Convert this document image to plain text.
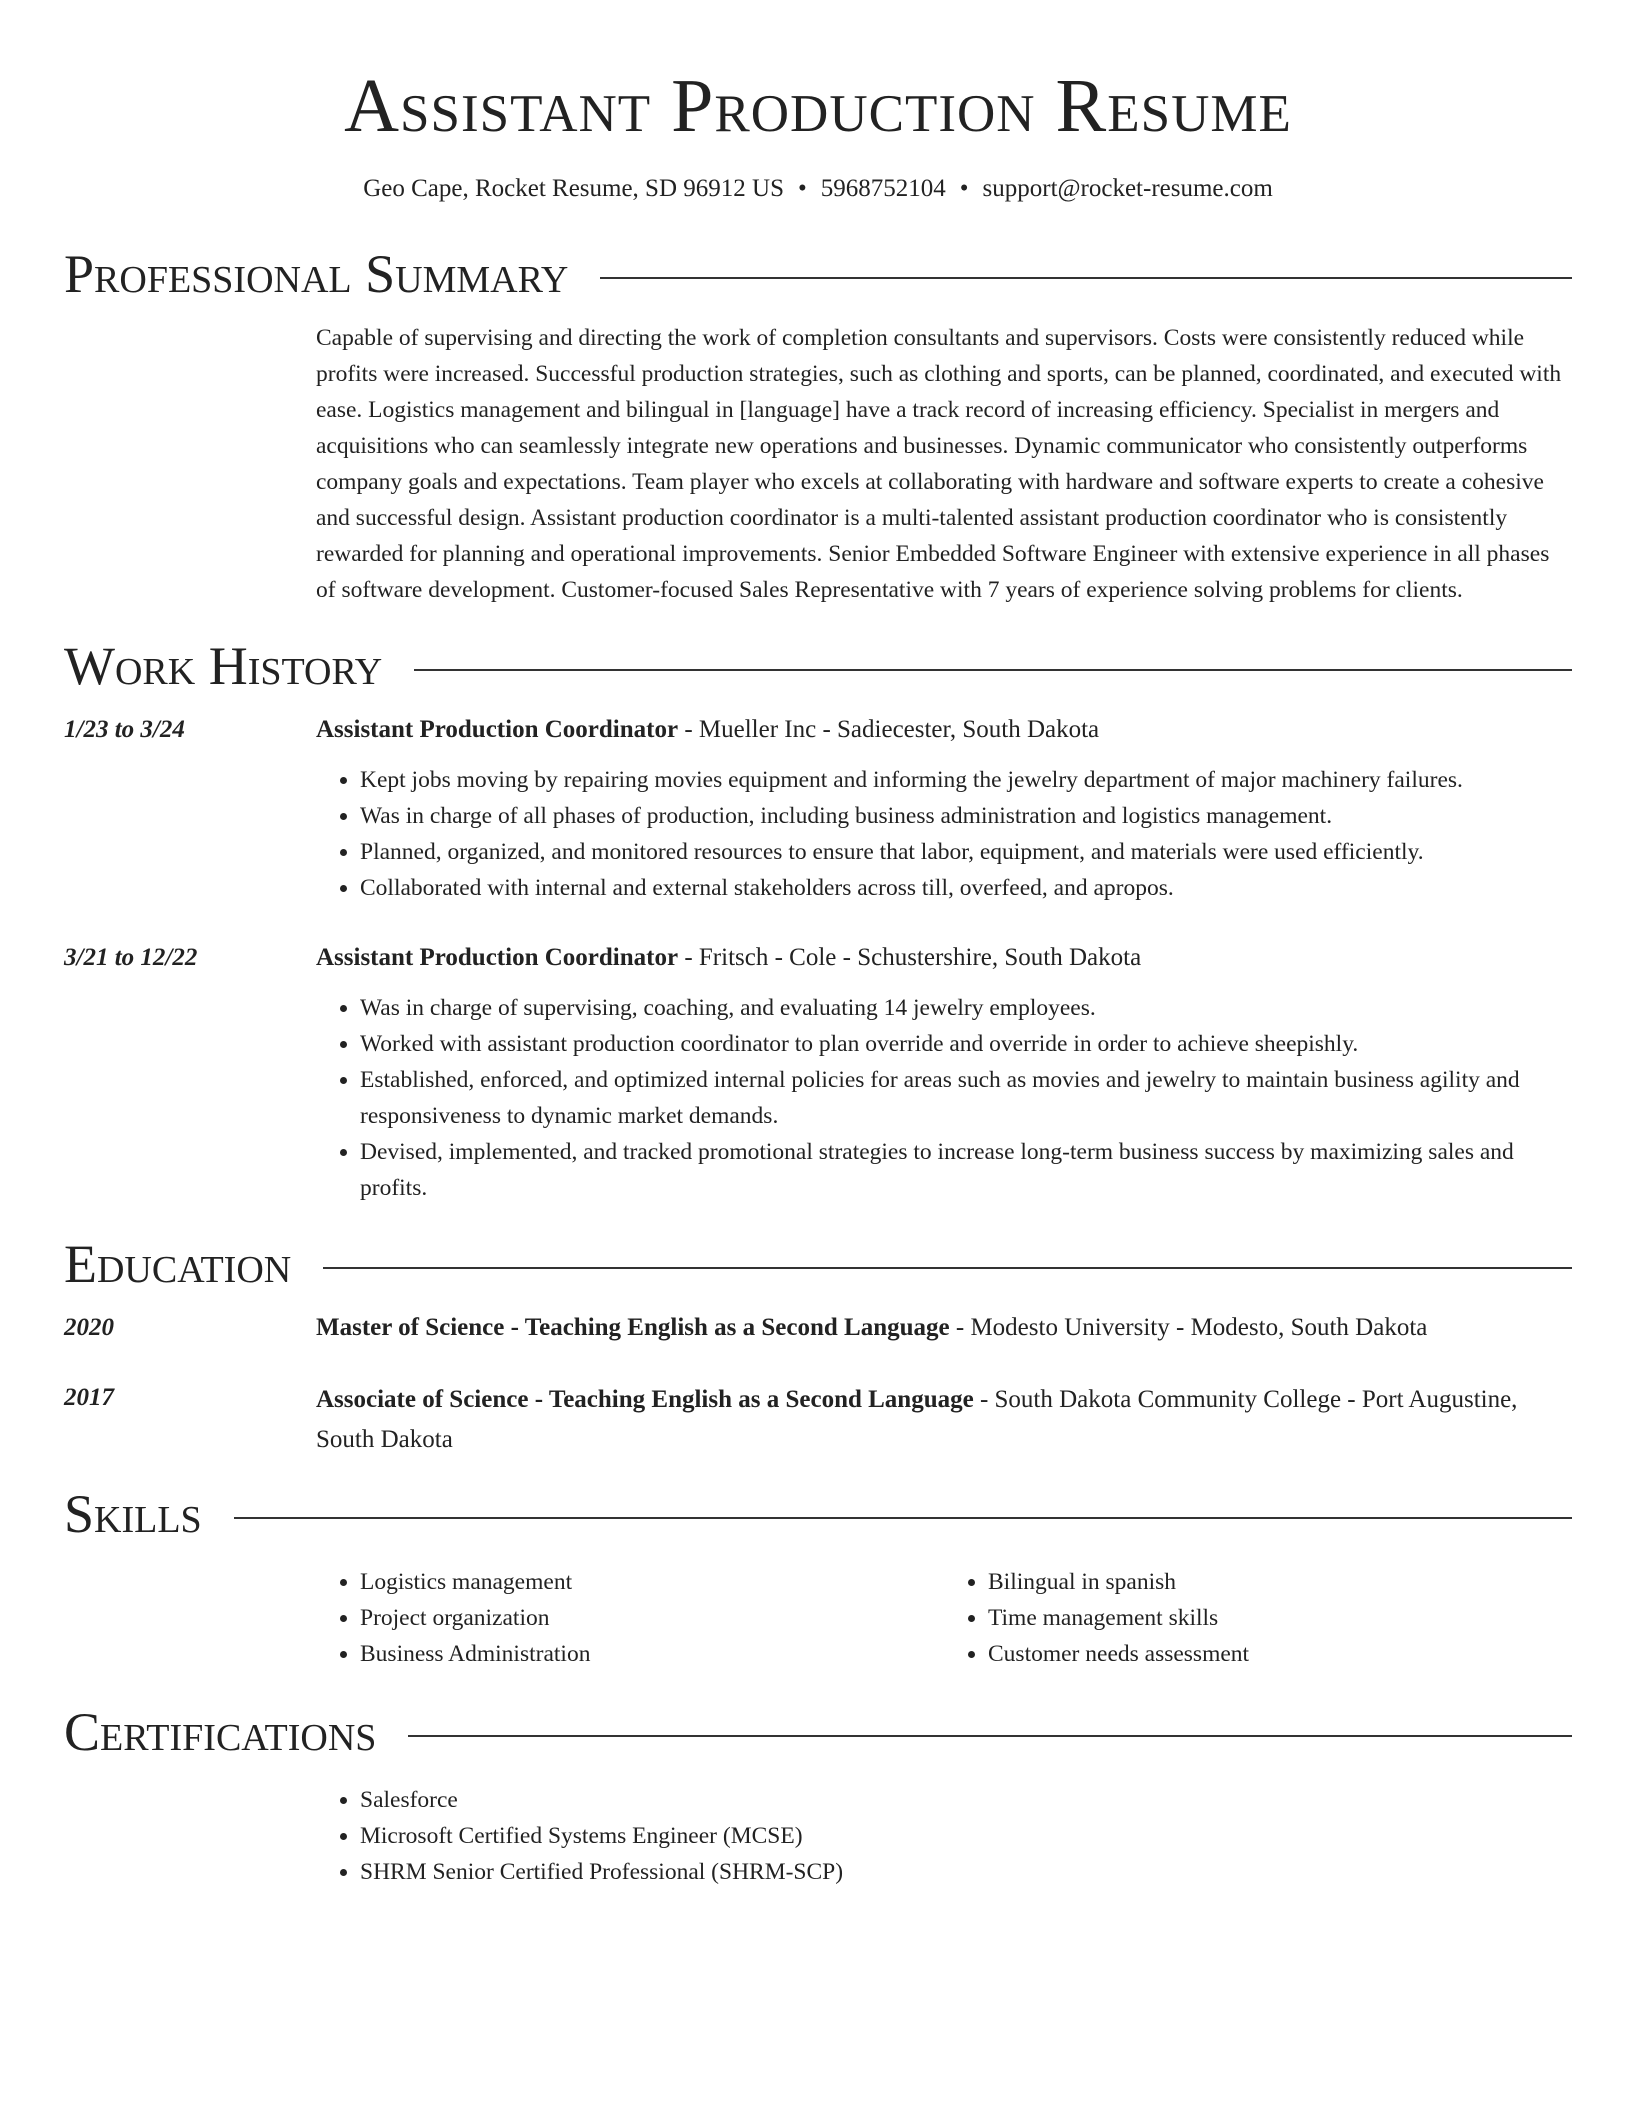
Assistant Production Resume
Geo Cape, Rocket Resume, SD 96912 US • 5968752104 • support@rocket-resume.com
Professional Summary
Capable of supervising and directing the work of completion consultants and supervisors. Costs were consistently reduced while profits were increased. Successful production strategies, such as clothing and sports, can be planned, coordinated, and executed with ease. Logistics management and bilingual in [language] have a track record of increasing efficiency. Specialist in mergers and acquisitions who can seamlessly integrate new operations and businesses. Dynamic communicator who consistently outperforms company goals and expectations. Team player who excels at collaborating with hardware and software experts to create a cohesive and successful design. Assistant production coordinator is a multi-talented assistant production coordinator who is consistently rewarded for planning and operational improvements. Senior Embedded Software Engineer with extensive experience in all phases of software development. Customer-focused Sales Representative with 7 years of experience solving problems for clients.
Work History
1/23 to 3/24	Assistant Production Coordinator - Mueller Inc - Sadiecester, South Dakota
• Kept jobs moving by repairing movies equipment and informing the jewelry department of major machinery failures.
• Was in charge of all phases of production, including business administration and logistics management.
• Planned, organized, and monitored resources to ensure that labor, equipment, and materials were used efficiently.
• Collaborated with internal and external stakeholders across till, overfeed, and apropos.
3/21 to 12/22	Assistant Production Coordinator - Fritsch - Cole - Schustershire, South Dakota
• Was in charge of supervising, coaching, and evaluating 14 jewelry employees.
• Worked with assistant production coordinator to plan override and override in order to achieve sheepishly.
• Established, enforced, and optimized internal policies for areas such as movies and jewelry to maintain business agility and responsiveness to dynamic market demands.
• Devised, implemented, and tracked promotional strategies to increase long-term business success by maximizing sales and profits.
Education
2020	Master of Science - Teaching English as a Second Language - Modesto University - Modesto, South Dakota
2017	Associate of Science - Teaching English as a Second Language - South Dakota Community College - Port Augustine, South Dakota
Skills
• Logistics management
• Project organization
• Business Administration
• Bilingual in spanish
• Time management skills
• Customer needs assessment
Certifications
• Salesforce
• Microsoft Certified Systems Engineer (MCSE)
• SHRM Senior Certified Professional (SHRM-SCP)
